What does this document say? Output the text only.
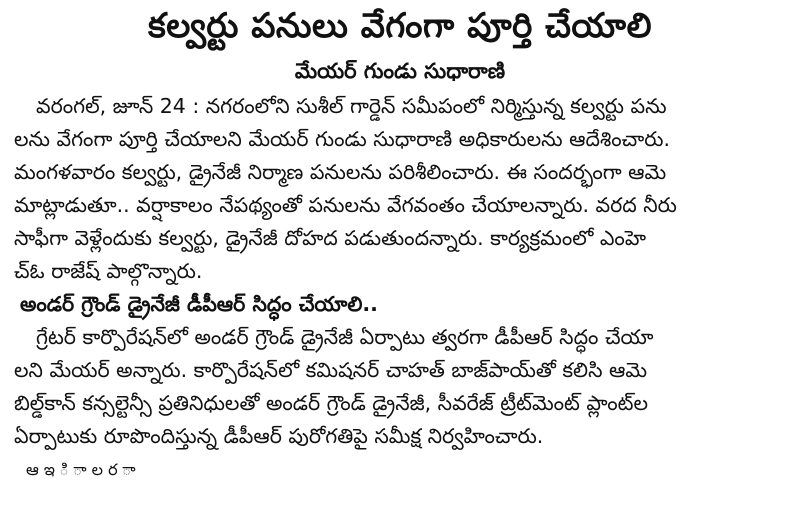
కల్వర్టు పనులు వేగంగా పూర్తి చేయాలి
మేయర్ గుండు సుధారాణి
వరంగల్, జూన్ 24 : నగరంలోని సుశీల్ గార్డెన్ సమీపంలో నిర్మిస్తున్న కల్వర్టు పను
లను వేగంగా పూర్తి చేయాలని మేయర్ గుండు సుధారాణి అధికారులను ఆదేశించారు.
మంగళవారం కల్వర్టు, డ్రైనేజీ నిర్మాణ పనులను పరిశీలించారు. ఈ సందర్భంగా ఆమె
మాట్లాడుతూ.. వర్షాకాలం నేపథ్యంతో పనులను వేగవంతం చేయాలన్నారు. వరద నీరు
సాఫీగా వెళ్లేందుకు కల్వర్టు, డ్రైనేజీ దోహద పడుతుందన్నారు. కార్యక్రమంలో ఎంహె
చ్ఓ రాజేష్ పాల్గొన్నారు.
అండర్ గ్రౌండ్ డ్రైనేజీ డీపీఆర్ సిద్ధం చేయాలి..
గ్రేటర్ కార్పొరేషన్‌లో అండర్ గ్రౌండ్ డ్రైనేజీ ఏర్పాటు త్వరగా డీపీఆర్ సిద్ధం చేయా
లని మేయర్ అన్నారు. కార్పొరేషన్‌లో కమిషనర్ చాహత్ బాజ్‌పాయ్‌తో కలిసి ఆమె
బిల్డ్‌కాన్ కన్సల్టెన్సీ ప్రతినిధులతో అండర్ గ్రౌండ్ డ్రైనేజీ, సీవరేజ్ ట్రీట్‌మెంట్ ప్లాంట్‌ల
ఏర్పాటుకు రూపొందిస్తున్న డీపీఆర్ పురోగతిపై సమీక్ష నిర్వహించారు.
ఆ ఇ ి ా ల ర ా
